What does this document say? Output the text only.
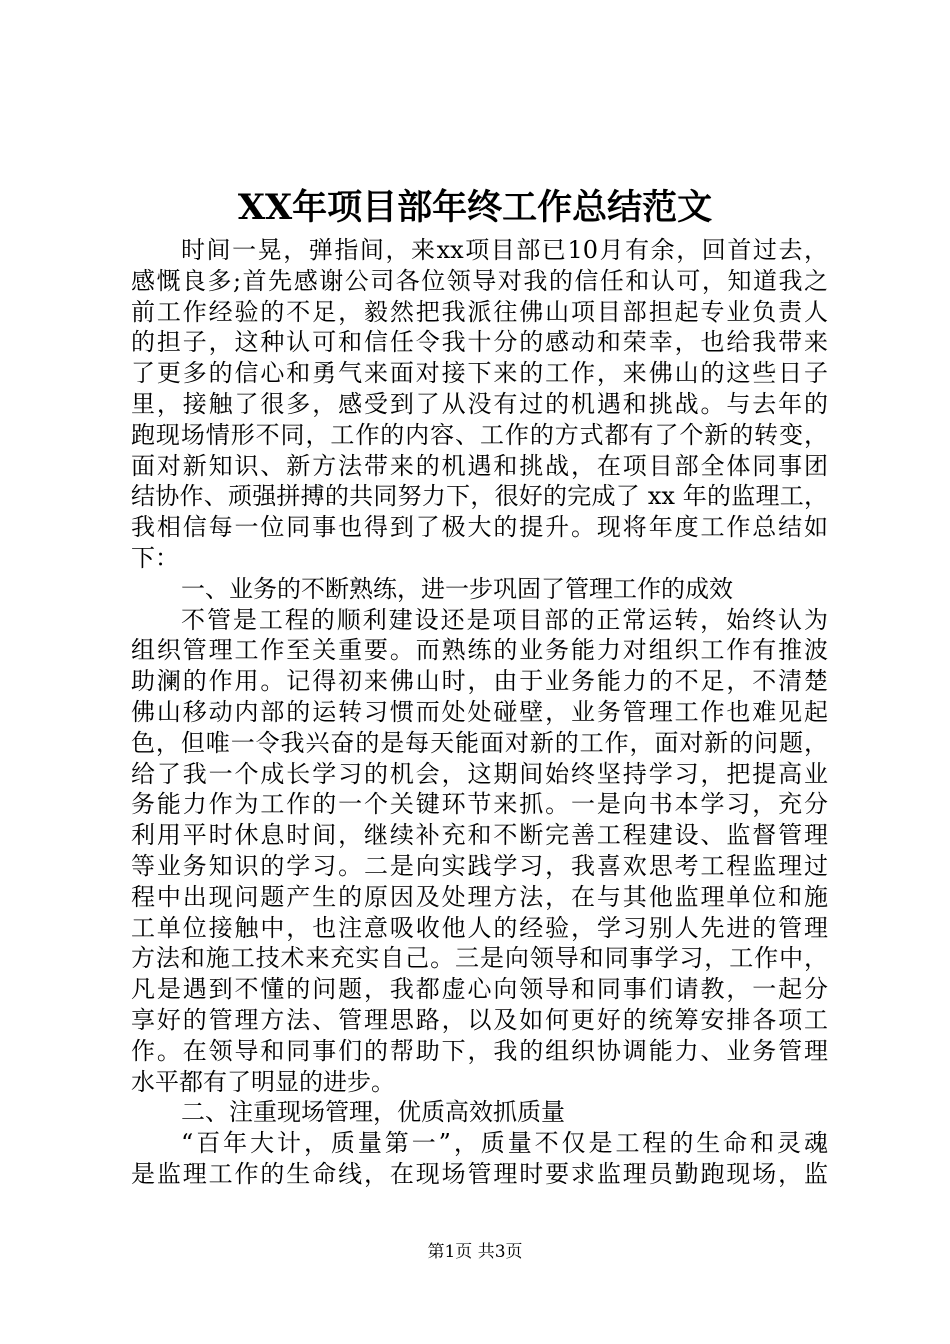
XX年项目部年终工作总结范文
时间一晃，弹指间，来xx项目部已10月有余，回首过去，
感慨良多;首先感谢公司各位领导对我的信任和认可，知道我之
前工作经验的不足，毅然把我派往佛山项目部担起专业负责人
的担子，这种认可和信任令我十分的感动和荣幸，也给我带来
了更多的信心和勇气来面对接下来的工作，来佛山的这些日子
里，接触了很多，感受到了从没有过的机遇和挑战。与去年的
跑现场情形不同，工作的内容、工作的方式都有了个新的转变，
面对新知识、新方法带来的机遇和挑战，在项目部全体同事团
结协作、顽强拼搏的共同努力下，很好的完成了 xx 年的监理工，
我相信每一位同事也得到了极大的提升。现将年度工作总结如
下：
一、业务的不断熟练，进一步巩固了管理工作的成效
不管是工程的顺利建设还是项目部的正常运转，始终认为
组织管理工作至关重要。而熟练的业务能力对组织工作有推波
助澜的作用。记得初来佛山时，由于业务能力的不足，不清楚
佛山移动内部的运转习惯而处处碰壁，业务管理工作也难见起
色，但唯一令我兴奋的是每天能面对新的工作，面对新的问题，
给了我一个成长学习的机会，这期间始终坚持学习，把提高业
务能力作为工作的一个关键环节来抓。一是向书本学习，充分
利用平时休息时间，继续补充和不断完善工程建设、监督管理
等业务知识的学习。二是向实践学习，我喜欢思考工程监理过
程中出现问题产生的原因及处理方法，在与其他监理单位和施
工单位接触中，也注意吸收他人的经验，学习别人先进的管理
方法和施工技术来充实自己。三是向领导和同事学习，工作中，
凡是遇到不懂的问题，我都虚心向领导和同事们请教，一起分
享好的管理方法、管理思路，以及如何更好的统筹安排各项工
作。在领导和同事们的帮助下，我的组织协调能力、业务管理
水平都有了明显的进步。
二、注重现场管理，优质高效抓质量
“百年大计，质量第一”，质量不仅是工程的生命和灵魂
是监理工作的生命线，在现场管理时要求监理员勤跑现场，监
第1页 共3页
